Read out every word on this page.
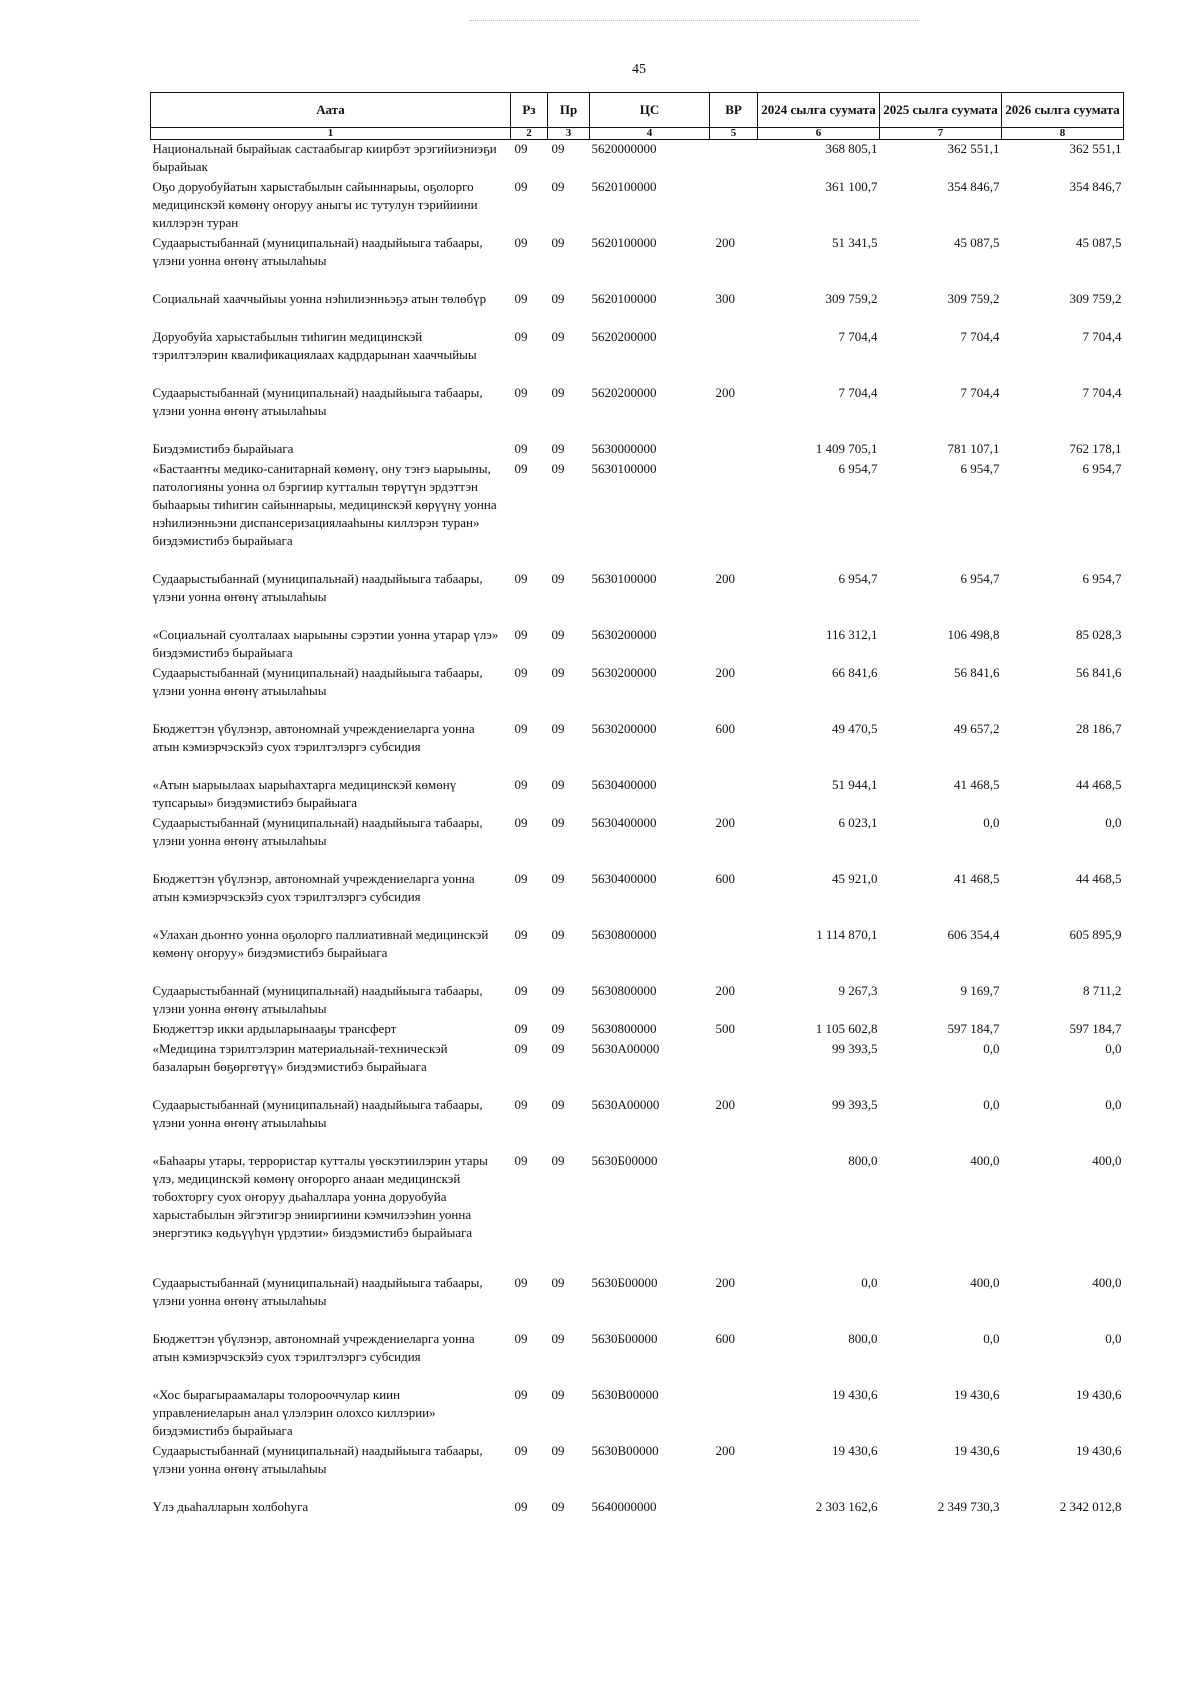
45
Аата	Рз	Пр	ЦС	ВР	2024 сылга суумата	2025 сылга суумата	2026 сылга суумата
1	2	3	4	5	6	7	8
Национальнай бырайыак састаабыгар киирбэт эрэгийиэниэҕи бырайыак	09	09	5620000000		368 805,1	362 551,1	362 551,1
Оҕо доруобуйатын харыстабылын сайыннарыы, оҕолорго медицинскэй көмөнү оҥоруу аныгы ис тутулун тэрийиини киллэрэн туран	09	09	5620100000		361 100,7	354 846,7	354 846,7
Судаарыстыбаннай (муниципальнай) наадыйыыга табаары, үлэни уонна өҥөнү атыылаһыы	09	09	5620100000	200	51 341,5	45 087,5	45 087,5
Социальнай хааччыйыы уонна нэһилиэнньэҕэ атын төлөбүр	09	09	5620100000	300	309 759,2	309 759,2	309 759,2
Доруобуйа харыстабылын тиһигин медицинскэй тэрилтэлэрин квалификациялаах кадрдарынан хааччыйыы	09	09	5620200000		7 704,4	7 704,4	7 704,4
Судаарыстыбаннай (муниципальнай) наадыйыыга табаары, үлэни уонна өҥөнү атыылаһыы	09	09	5620200000	200	7 704,4	7 704,4	7 704,4
Биэдэмистибэ бырайыага	09	09	5630000000		1 409 705,1	781 107,1	762 178,1
«Бастааҥҥы медико-санитарнай көмөнү, ону тэҥэ ыарыыны, патологияны уонна ол бэргиир кутталын төрүтүн эрдэттэн быһаарыы тиһигин сайыннарыы, медицинскэй көрүүнү уонна нэһилиэнньэни диспансеризациялааһыны киллэрэн туран» биэдэмистибэ бырайыага	09	09	5630100000		6 954,7	6 954,7	6 954,7
Судаарыстыбаннай (муниципальнай) наадыйыыга табаары, үлэни уонна өҥөнү атыылаһыы	09	09	5630100000	200	6 954,7	6 954,7	6 954,7
«Социальнай суолталаах ыарыыны сэрэтии уонна утарар үлэ» биэдэмистибэ бырайыага	09	09	5630200000		116 312,1	106 498,8	85 028,3
Судаарыстыбаннай (муниципальнай) наадыйыыга табаары, үлэни уонна өҥөнү атыылаһыы	09	09	5630200000	200	66 841,6	56 841,6	56 841,6
Бюджеттэн үбүлэнэр, автономнай учреждениеларга уонна атын кэмиэрчэскэйэ суох тэрилтэлэргэ субсидия	09	09	5630200000	600	49 470,5	49 657,2	28 186,7
«Атын ыарыылаах ыарыһахтарга медицинскэй көмөнү тупсарыы» биэдэмистибэ бырайыага	09	09	5630400000		51 944,1	41 468,5	44 468,5
Судаарыстыбаннай (муниципальнай) наадыйыыга табаары, үлэни уонна өҥөнү атыылаһыы	09	09	5630400000	200	6 023,1	0,0	0,0
Бюджеттэн үбүлэнэр, автономнай учреждениеларга уонна атын кэмиэрчэскэйэ суох тэрилтэлэргэ субсидия	09	09	5630400000	600	45 921,0	41 468,5	44 468,5
«Улахан дьоҥҥо уонна оҕолорго паллиативнай медицинскэй көмөнү оҥоруу» биэдэмистибэ бырайыага	09	09	5630800000		1 114 870,1	606 354,4	605 895,9
Судаарыстыбаннай (муниципальнай) наадыйыыга табаары, үлэни уонна өҥөнү атыылаһыы	09	09	5630800000	200	9 267,3	9 169,7	8 711,2
Бюджеттэр икки ардыларынааҕы трансферт	09	09	5630800000	500	1 105 602,8	597 184,7	597 184,7
«Медицина тэрилтэлэрин материальнай-техническэй базаларын бөҕөргөтүү» биэдэмистибэ бырайыага	09	09	5630A00000		99 393,5	0,0	0,0
Судаарыстыбаннай (муниципальнай) наадыйыыга табаары, үлэни уонна өҥөнү атыылаһыы	09	09	5630A00000	200	99 393,5	0,0	0,0
«Баһаары утары, террористар кутталы үөскэтиилэрин утары үлэ, медицинскэй көмөнү оҥорорго анаан медицинскэй тобохторгу суох оҥоруу дьаһаллара уонна доруобуйа харыстабылын эйгэтигэр энииргиини кэмчилээһин уонна энергэтикэ көдьүүһүн үрдэтии» биэдэмистибэ бырайыага	09	09	5630Б00000		800,0	400,0	400,0
Судаарыстыбаннай (муниципальнай) наадыйыыга табаары, үлэни уонна өҥөнү атыылаһыы	09	09	5630Б00000	200	0,0	400,0	400,0
Бюджеттэн үбүлэнэр, автономнай учреждениеларга уонна атын кэмиэрчэскэйэ суох тэрилтэлэргэ субсидия	09	09	5630Б00000	600	800,0	0,0	0,0
«Хос бырагыраамалары толорооччулар киин управлениеларын анал үлэлэрин олохсо киллэрии» биэдэмистибэ бырайыага	09	09	5630В00000		19 430,6	19 430,6	19 430,6
Судаарыстыбаннай (муниципальнай) наадыйыыга табаары, үлэни уонна өҥөнү атыылаһыы	09	09	5630В00000	200	19 430,6	19 430,6	19 430,6
Үлэ дьаһалларын холбоһуга	09	09	5640000000		2 303 162,6	2 349 730,3	2 342 012,8
